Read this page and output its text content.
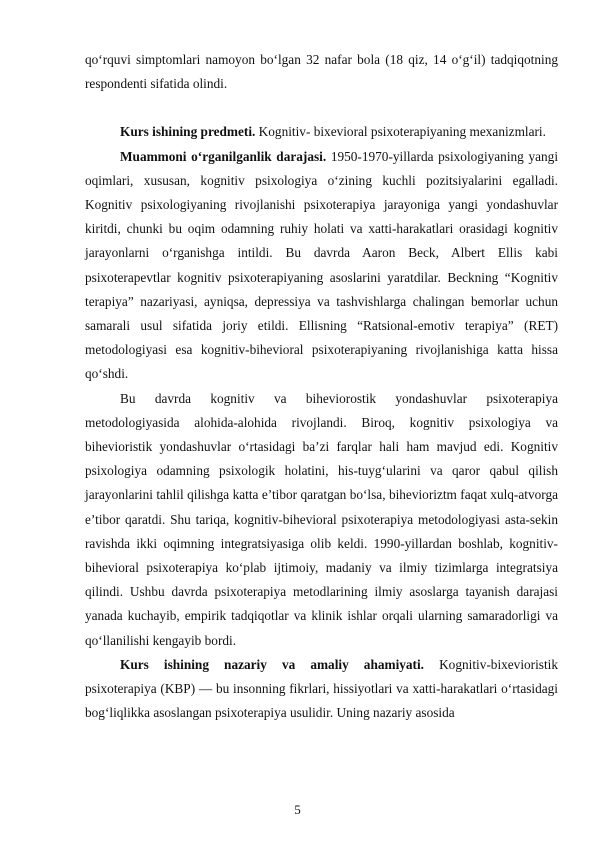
qo‘rquvi simptomlari namoyon bo‘lgan 32 nafar bola (18 qiz, 14 o‘g‘il) tadqiqotning respondenti sifatida olindi.

Kurs ishining predmeti. Kognitiv- bixevioral psixoterapiyaning mexanizmlari.

Muammoni o‘rganilganlik darajasi. 1950-1970-yillarda psixologiyaning yangi oqimlari, xususan, kognitiv psixologiya o‘zining kuchli pozitsiyalarini egalladi. Kognitiv psixologiyaning rivojlanishi psixoterapiya jarayoniga yangi yondashuvlar kiritdi, chunki bu oqim odamning ruhiy holati va xatti-harakatlari orasidagi kognitiv jarayonlarni o‘rganishga intildi. Bu davrda Aaron Beck, Albert Ellis kabi psixoterapevtlar kognitiv psixoterapiyaning asoslarini yaratdilar. Beckning “Kognitiv terapiya” nazariyasi, ayniqsa, depressiya va tashvishlarga chalingan bemorlar uchun samarali usul sifatida joriy etildi. Ellisning “Ratsional-emotiv terapiya” (RET) metodologiyasi esa kognitiv-bihevioral psixoterapiyaning rivojlanishiga katta hissa qo‘shdi.

Bu davrda kognitiv va biheviorostik yondashuvlar psixoterapiya metodologiyasida alohida-alohida rivojlandi. Biroq, kognitiv psixologiya va bihevioristik yondashuvlar o‘rtasidagi ba’zi farqlar hali ham mavjud edi. Kognitiv psixologiya odamning psixologik holatini, his-tuyg‘ularini va qaror qabul qilish jarayonlarini tahlil qilishga katta e’tibor qaratgan bo‘lsa, bihevioriztm faqat xulq-atvorga e’tibor qaratdi. Shu tariqa, kognitiv-bihevioral psixoterapiya metodologiyasi asta-sekin ravishda ikki oqimning integratsiyasiga olib keldi. 1990-yillardan boshlab, kognitiv-bihevioral psixoterapiya ko‘plab ijtimoiy, madaniy va ilmiy tizimlarga integratsiya qilindi. Ushbu davrda psixoterapiya metodlarining ilmiy asoslarga tayanish darajasi yanada kuchayib, empirik tadqiqotlar va klinik ishlar orqali ularning samaradorligi va qo‘llanilishi kengayib bordi.

Kurs ishining nazariy va amaliy ahamiyati. Kognitiv-bixevioristik psixoterapiya (KBP) — bu insonning fikrlari, hissiyotlari va xatti-harakatlari o‘rtasidagi bog‘liqlikka asoslangan psixoterapiya usulidir. Uning nazariy asosida

5
